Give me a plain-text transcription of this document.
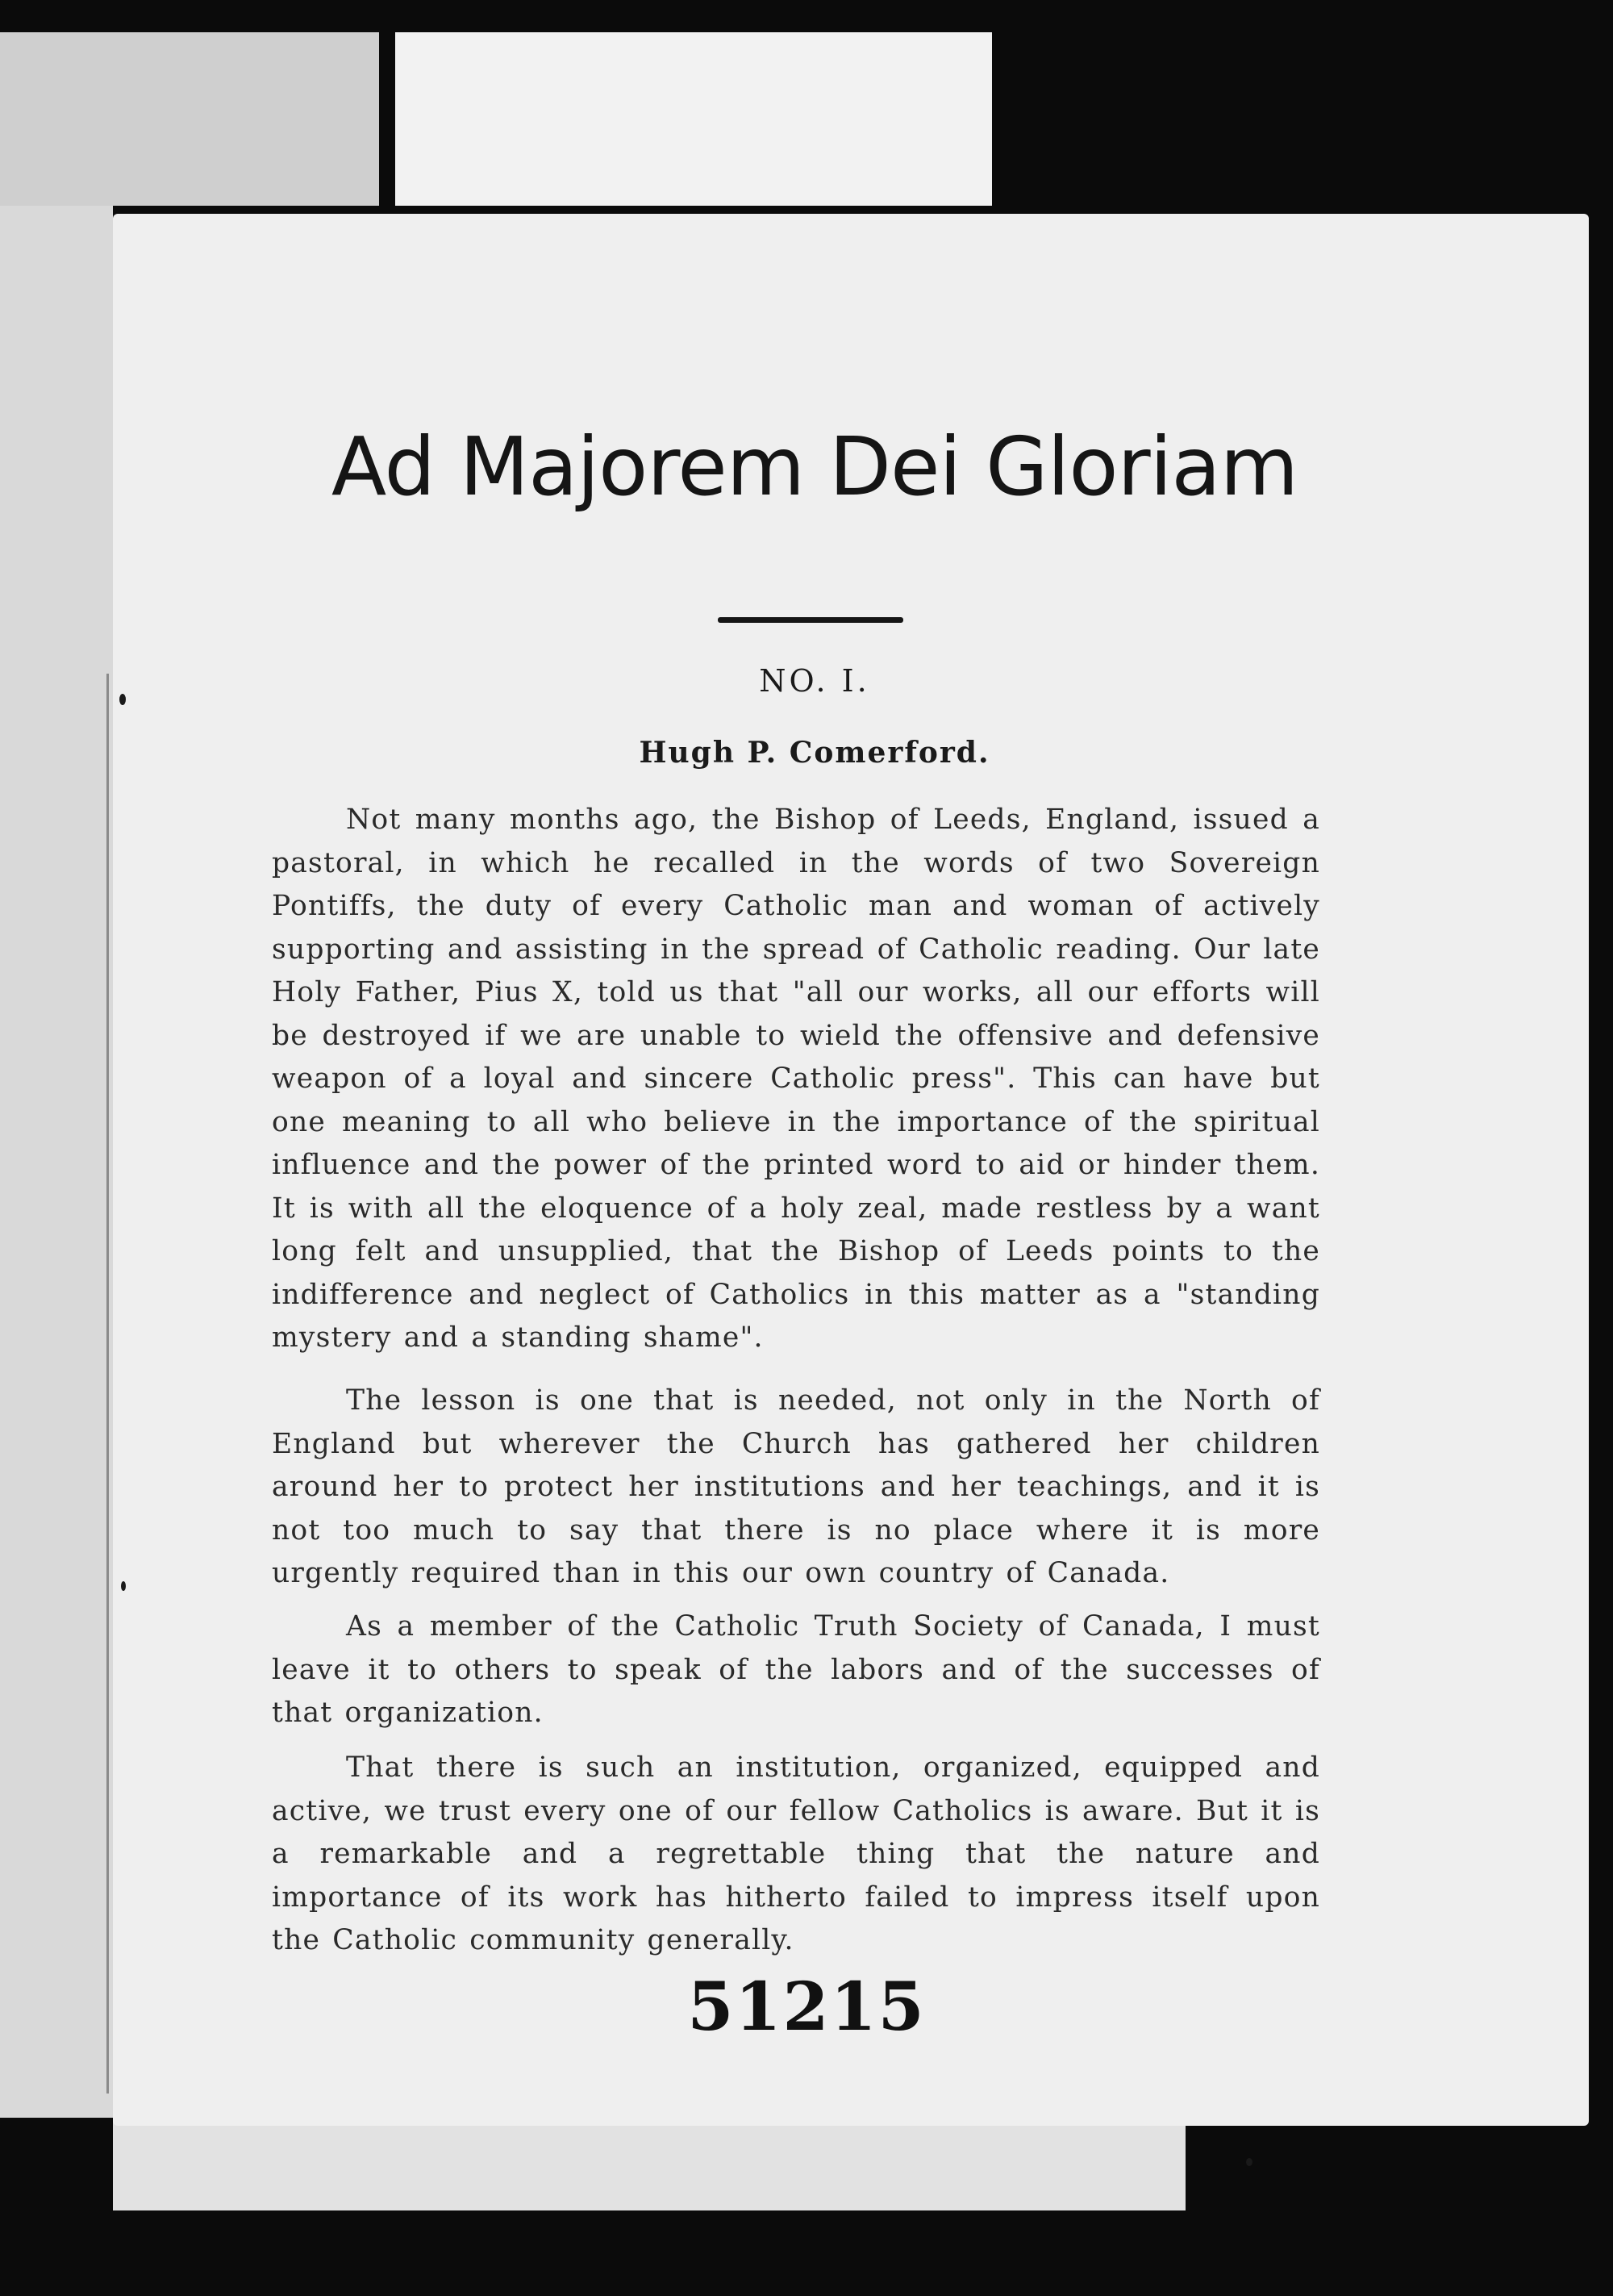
Ad Majorem Dei Gloriam
NO. I.
Hugh P. Comerford.
Not many months ago, the Bishop of Leeds, England, issued a pastoral, in which he recalled in the words of two Sovereign Pontiffs, the duty of every Catholic man and woman of actively supporting and assisting in the spread of Catholic reading. Our late Holy Father, Pius X, told us that "all our works, all our efforts will be destroyed if we are unable to wield the offensive and defensive weapon of a loyal and sincere Catholic press". This can have but one meaning to all who believe in the importance of the spiritual influence and the power of the printed word to aid or hinder them. It is with all the eloquence of a holy zeal, made restless by a want long felt and unsupplied, that the Bishop of Leeds points to the indifference and neglect of Catholics in this matter as a "standing mystery and a standing shame".
The lesson is one that is needed, not only in the North of England but wherever the Church has gathered her children around her to protect her institutions and her teachings, and it is not too much to say that there is no place where it is more urgently required than in this our own country of Canada.
As a member of the Catholic Truth Society of Canada, I must leave it to others to speak of the labors and of the successes of that organization.
That there is such an institution, organized, equipped and active, we trust every one of our fellow Catholics is aware. But it is a remarkable and a regrettable thing that the nature and importance of its work has hitherto failed to impress itself upon the Catholic community generally.
51215
